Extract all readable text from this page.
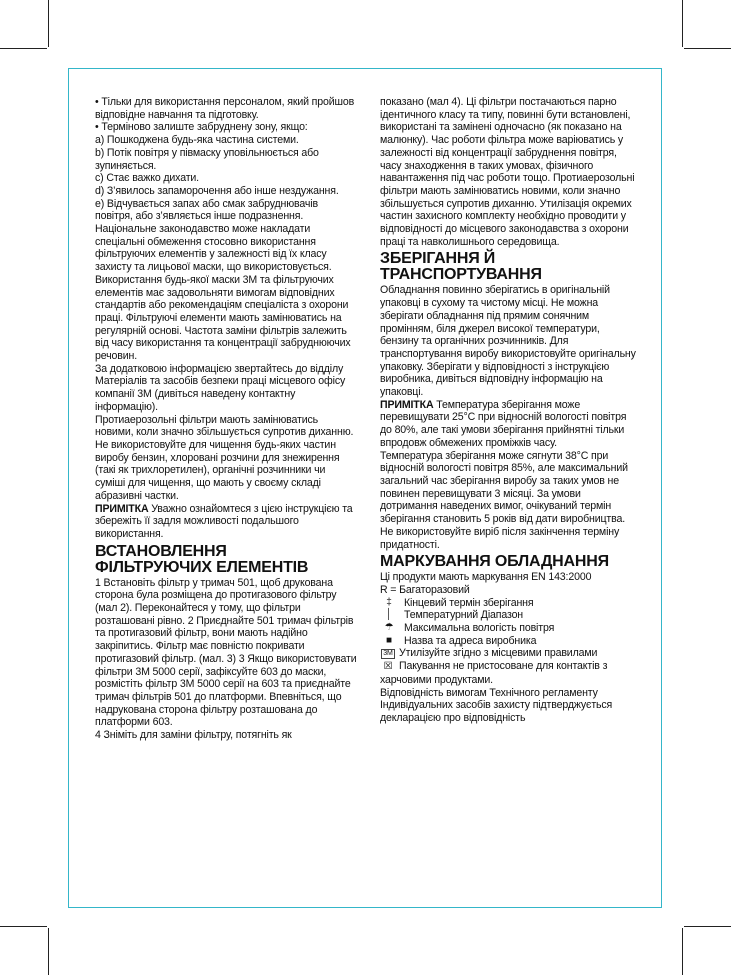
• Тільки для використання персоналом, який пройшов відповідне навчання та підготовку.

• Терміново залиште забруднену зону, якщо:

a) Пошкоджена будь-яка частина системи.

b) Потік повітря у півмаску уповільнюється або зупиняється.

c) Стає важко дихати.

d) З’явилось запаморочення або інше нездужання.

e) Відчувається запах або смак забруднювачів повітря, або з’являється інше подразнення.

Національне законодавство може накладати спеціальні обмеження стосовно використання фільтруючих елементів у залежності від їх класу захисту та лицьової маски, що використовується. Використання будь-якої маски 3M та фільтруючих елементів має задовольняти вимогам відповідних стандартів або рекомендаціям спеціаліста з охорони праці. Фільтруючі елементи мають замінюватись на регулярній основі. Частота заміни фільтрів залежить від часу використання та концентрації забруднюючих речовин.

За додатковою інформацією звертайтесь до відділу Матеріалів та засобів безпеки праці місцевого офісу компанії 3M (дивіться наведену контактну інформацію).

Протиаерозольні фільтри мають замінюватись новими, коли значно збільшується супротив диханню.

Не використовуйте для чищення будь-яких частин виробу бензин, хлоровані розчини для знежирення (такі як трихлоретилен), органічні розчинники чи суміші для чищення, що мають у своєму складі абразивні частки.

ПРИМІТКА Уважно ознайомтеся з цією інструкцією та збережіть її задля можливості подальшого використання.

ВСТАНОВЛЕННЯ
ФІЛЬТРУЮЧИХ ЕЛЕМЕНТІВ

1 Встановіть фільтр у тримач 501, щоб друкована сторона була розміщена до протигазового фільтру (мал 2). Переконайтеся у тому, що фільтри розташовані рівно. 2 Приєднайте 501 тримач фільтрів та протигазовий фільтр, вони мають надійно закріпитись. Фільтр має повністю покривати протигазовий фільтр. (мал. 3) 3 Якщо використовувати фільтри 3M 5000 серії, зафіксуйте 603 до маски, розмістіть фільтр 3M 5000 серії на 603 та приєднайте тримач фільтрів 501 до платформи. Впевніться, що надрукована сторона фільтру розташована до платформи 603.

4 Зніміть для заміни фільтру, потягніть як

показано (мал 4). Ці фільтри постачаються парно ідентичного класу та типу, повинні бути встановлені, використані та замінені одночасно (як показано на малюнку). Час роботи фільтра може варіюватись у залежності від концентрації забруднення повітря, часу знаходження в таких умовах, фізичного навантаження під час роботи тощо. Протиаерозольні фільтри мають замінюватись новими, коли значно збільшується супротив диханню. Утилізація окремих частин захисного комплекту необхідно проводити у відповідності до місцевого законодавства з охорони праці та навколишнього середовища.

ЗБЕРІГАННЯ Й
ТРАНСПОРТУВАННЯ

Обладнання повинно зберігатись в оригінальній упаковці в сухому та чистому місці. Не можна зберігати обладнання під прямим сонячним промінням, біля джерел високої температури, бензину та органічних розчинників. Для транспортування виробу використовуйте оригінальну упаковку. Зберігати у відповідності з інструкцією виробника, дивіться відповідну інформацію на упаковці.

ПРИМІТКА Температура зберігання може перевищувати 25°C при відносній вологості повітря до 80%, але такі умови зберігання прийнятні тільки впродовж обмежених проміжків часу.

Температура зберігання може сягнути 38°C при відносній вологості повітря 85%, але максимальний загальний час зберігання виробу за таких умов не повинен перевищувати 3 місяці. За умови дотримання наведених вимог, очікуваний термін зберігання становить 5 років від дати виробництва. Не використовуйте виріб після закінчення терміну придатності.

МАРКУВАННЯ ОБЛАДНАННЯ

Ці продукти мають маркування EN 143:2000

R = Багаторазовий

‡	Кінцевий термін зберігання
│	Температурний Діапазон
☂ Максимальна вологість повітря
■	Назва та адреса виробника
3M Утилізуйте згідно з місцевими правилами

☒ Пакування не пристосоване для контактів з харчовими продуктами.

Відповідність вимогам Технічного регламенту Індивідуальних засобів захисту підтверджується декларацією про відповідність
